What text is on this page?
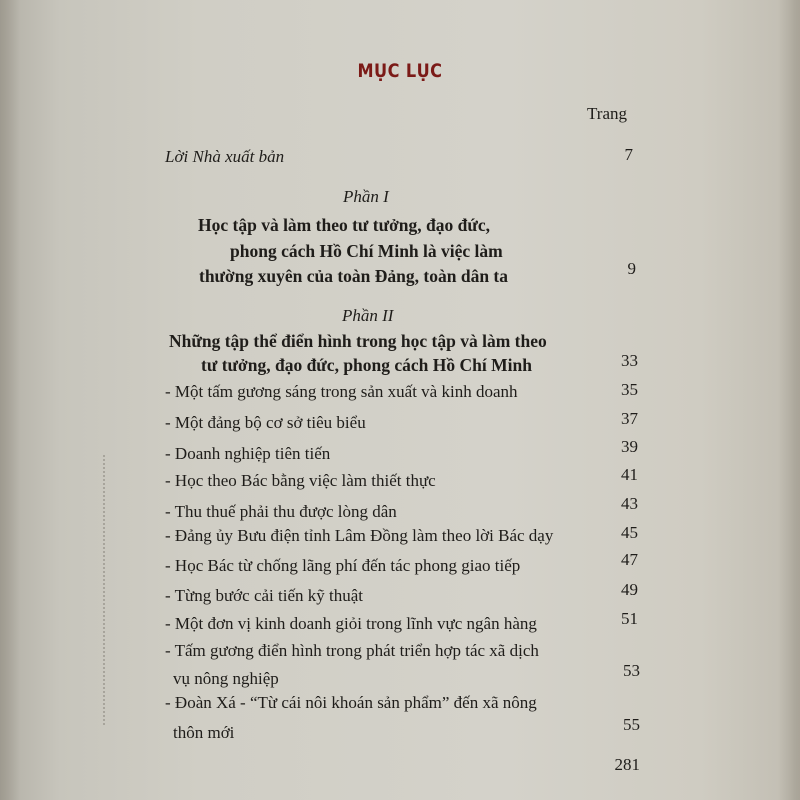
MỤC LỤC
Trang
Lời Nhà xuất bản	7
Phần I
Học tập và làm theo tư tưởng, đạo đức,
phong cách Hồ Chí Minh là việc làm
thường xuyên của toàn Đảng, toàn dân ta	9
Phần II
Những tập thể điển hình trong học tập và làm theo
tư tưởng, đạo đức, phong cách Hồ Chí Minh	33
- Một tấm gương sáng trong sản xuất và kinh doanh	35
- Một đảng bộ cơ sở tiêu biểu	37
- Doanh nghiệp tiên tiến	39
- Học theo Bác bằng việc làm thiết thực	41
- Thu thuế phải thu được lòng dân	43
- Đảng ủy Bưu điện tỉnh Lâm Đồng làm theo lời Bác dạy	45
- Học Bác từ chống lãng phí đến tác phong giao tiếp	47
- Từng bước cải tiến kỹ thuật	49
- Một đơn vị kinh doanh giỏi trong lĩnh vực ngân hàng	51
- Tấm gương điển hình trong phát triển hợp tác xã dịch
vụ nông nghiệp	53
- Đoàn Xá - “Từ cái nôi khoán sản phẩm” đến xã nông
thôn mới	55
281
